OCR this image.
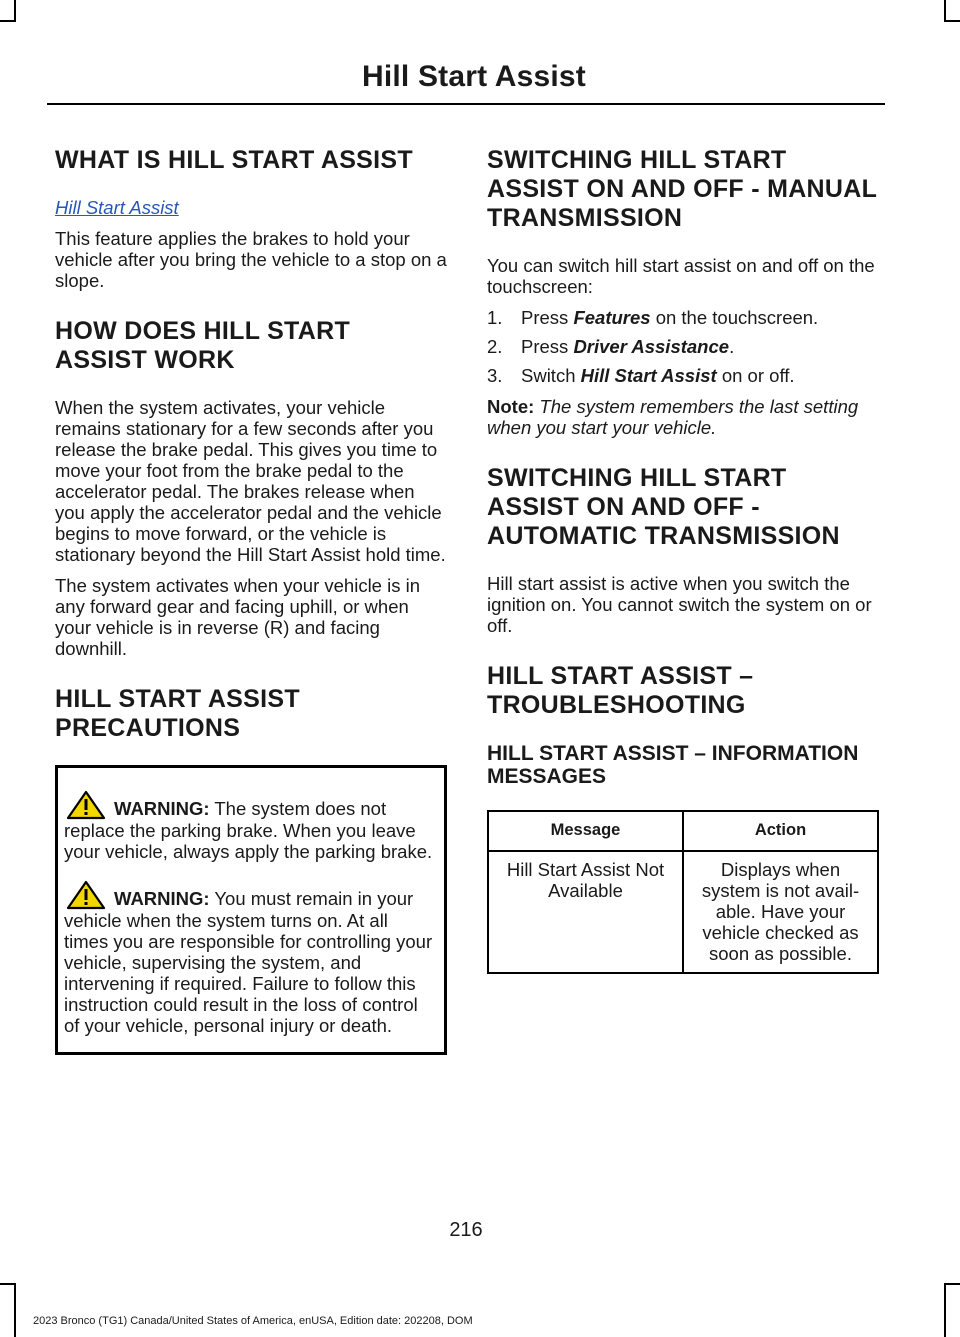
Hill Start Assist
WHAT IS HILL START ASSIST
Hill Start Assist

This feature applies the brakes to hold your vehicle after you bring the vehicle to a stop on a slope.

HOW DOES HILL START ASSIST WORK

When the system activates, your vehicle remains stationary for a few seconds after you release the brake pedal. This gives you time to move your foot from the brake pedal to the accelerator pedal. The brakes release when you apply the accelerator pedal and the vehicle begins to move forward, or the vehicle is stationary beyond the Hill Start Assist hold time.

The system activates when your vehicle is in any forward gear and facing uphill, or when your vehicle is in reverse (R) and facing downhill.

HILL START ASSIST PRECAUTIONS

WARNING: The system does not replace the parking brake. When you leave your vehicle, always apply the parking brake.

WARNING: You must remain in your vehicle when the system turns on. At all times you are responsible for controlling your vehicle, supervising the system, and intervening if required. Failure to follow this instruction could result in the loss of control of your vehicle, personal injury or death.

SWITCHING HILL START ASSIST ON AND OFF - MANUAL TRANSMISSION

You can switch hill start assist on and off on the touchscreen:

1.	Press Features on the touchscreen.
2.	Press Driver Assistance.
3.	Switch Hill Start Assist on or off.

Note: The system remembers the last setting when you start your vehicle.

SWITCHING HILL START ASSIST ON AND OFF - AUTOMATIC TRANSMISSION

Hill start assist is active when you switch the ignition on. You cannot switch the system on or off.

HILL START ASSIST – TROUBLESHOOTING
HILL START ASSIST – INFORMATION MESSAGES
Message	Action
Hill Start Assist Not Available	Displays when system is not avail-able. Have your vehicle checked as soon as possible.
216
2023 Bronco (TG1) Canada/United States of America, enUSA, Edition date: 202208, DOM
